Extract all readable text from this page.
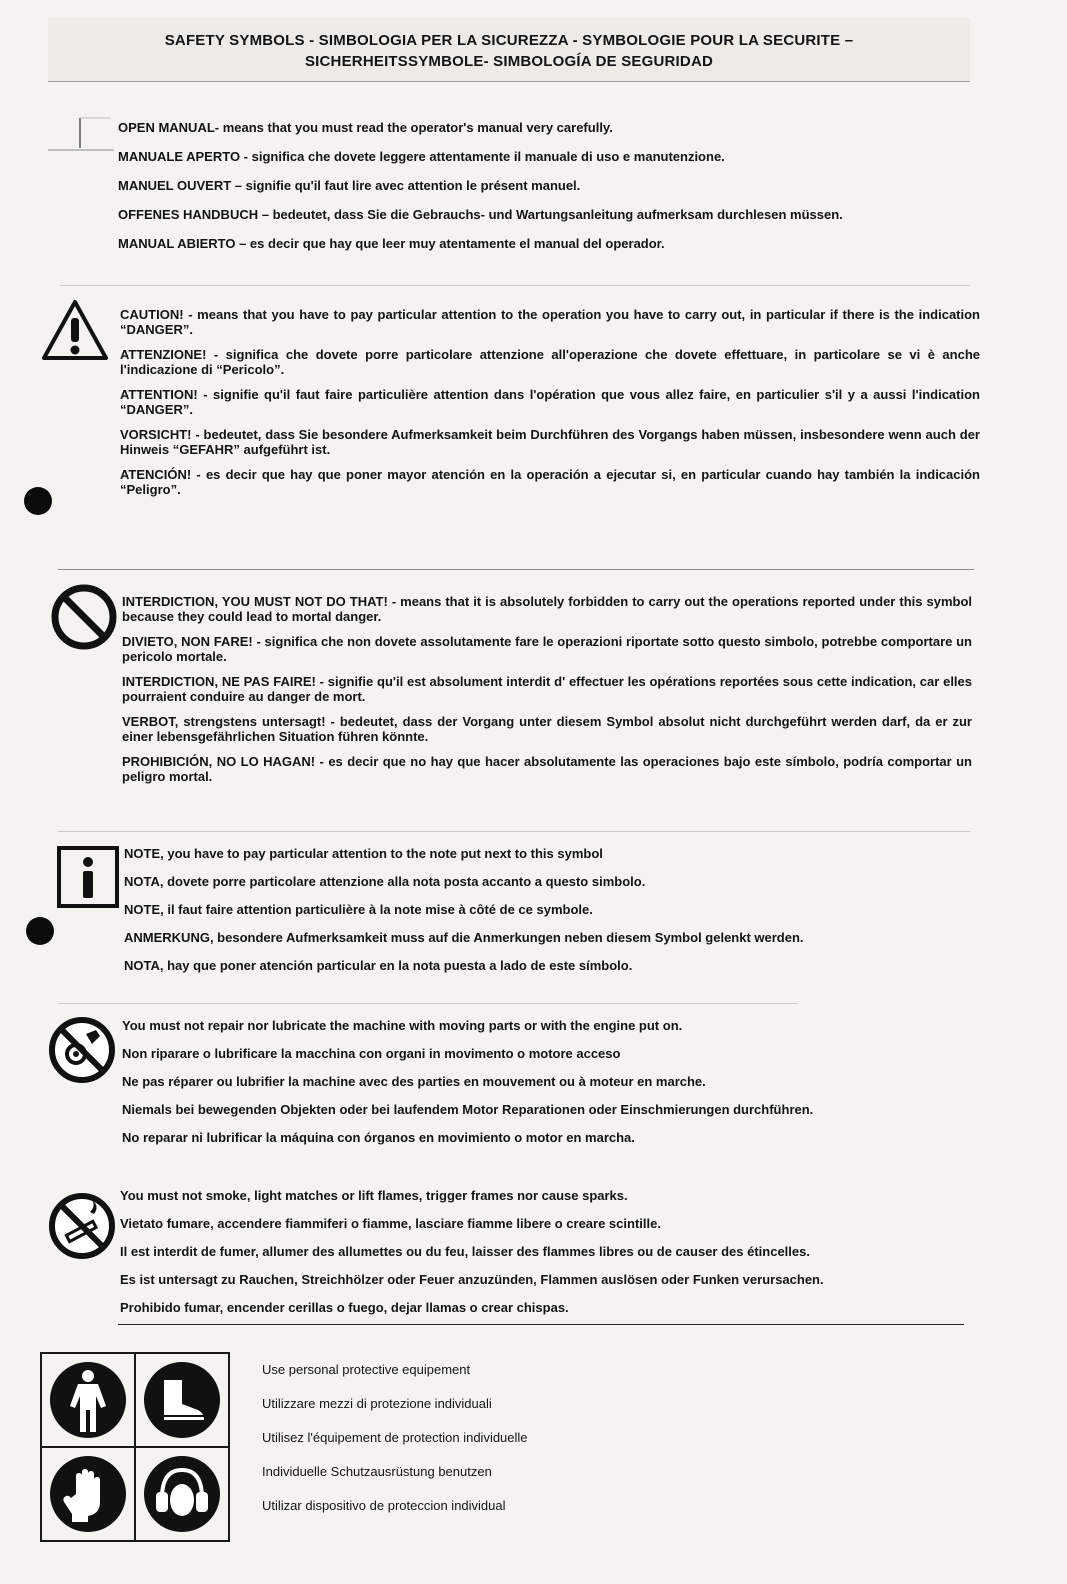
SAFETY SYMBOLS - SIMBOLOGIA PER LA SICUREZZA - SYMBOLOGIE POUR LA SECURITE –
SICHERHEITSSYMBOLE- SIMBOLOGÍA DE SEGURIDAD

OPEN MANUAL- means that you must read the operator's manual very carefully.

MANUALE APERTO - significa che dovete leggere attentamente il manuale di uso e manutenzione.

MANUEL OUVERT – signifie qu'il faut lire avec attention le présent manuel.

OFFENES HANDBUCH – bedeutet, dass Sie die Gebrauchs- und Wartungsanleitung aufmerksam durchlesen müssen.

MANUAL ABIERTO – es decir que hay que leer muy atentamente el manual del operador.

CAUTION! - means that you have to pay particular attention to the operation you have to carry out, in particular if there is the indication “DANGER”.

ATTENZIONE! - significa che dovete porre particolare attenzione all'operazione che dovete effettuare, in particolare se vi è anche l'indicazione di “Pericolo”.

ATTENTION! - signifie qu'il faut faire particulière attention dans l'opération que vous allez faire, en particulier s'il y a aussi l'indication “DANGER”.

VORSICHT! - bedeutet, dass Sie besondere Aufmerksamkeit beim Durchführen des Vorgangs haben müssen, insbesondere wenn auch der Hinweis “GEFAHR” aufgeführt ist.

ATENCIÓN! - es decir que hay que poner mayor atención en la operación a ejecutar si, en particular cuando hay también la indicación “Peligro”.

INTERDICTION, YOU MUST NOT DO THAT! - means that it is absolutely forbidden to carry out the operations reported under this symbol because they could lead to mortal danger.

DIVIETO, NON FARE! - significa che non dovete assolutamente fare le operazioni riportate sotto questo simbolo, potrebbe comportare un pericolo mortale.

INTERDICTION, NE PAS FAIRE! - signifie qu'il est absolument interdit d' effectuer les opérations reportées sous cette indication, car elles pourraient conduire au danger de mort.

VERBOT, strengstens untersagt! - bedeutet, dass der Vorgang unter diesem Symbol absolut nicht durchgeführt werden darf, da er zur einer lebensgefährlichen Situation führen könnte.

PROHIBICIÓN, NO LO HAGAN! - es decir que no hay que hacer absolutamente las operaciones bajo este símbolo, podría comportar un peligro mortal.

NOTE, you have to pay particular attention to the note put next to this symbol

NOTA, dovete porre particolare attenzione alla nota posta accanto a questo simbolo.

NOTE, il faut faire attention particulière à la note mise à côté de ce symbole.

ANMERKUNG, besondere Aufmerksamkeit muss auf die Anmerkungen neben diesem Symbol gelenkt werden.

NOTA, hay que poner atención particular en la nota puesta a lado de este símbolo.

You must not repair nor lubricate the machine with moving parts or with the engine put on.

Non riparare o lubrificare la macchina con organi in movimento o motore acceso

Ne pas réparer ou lubrifier la machine avec des parties en mouvement ou à moteur en marche.

Niemals bei bewegenden Objekten oder bei laufendem Motor Reparationen oder Einschmierungen durchführen.

No reparar ni lubrificar la máquina con órganos en movimiento o motor en marcha.

You must not smoke, light matches or lift flames, trigger frames nor cause sparks.

Vietato fumare, accendere fiammiferi o fiamme, lasciare fiamme libere o creare scintille.

Il est interdit de fumer, allumer des allumettes ou du feu, laisser des flammes libres ou de causer des étincelles.

Es ist untersagt zu Rauchen, Streichhölzer oder Feuer anzuzünden, Flammen auslösen oder Funken verursachen.

Prohibido fumar, encender cerillas o fuego, dejar llamas o crear chispas.

Use personal protective equipement

Utilizzare mezzi di protezione individuali

Utilisez l'équipement de protection individuelle

Individuelle Schutzausrüstung benutzen

Utilizar dispositivo de proteccion individual
